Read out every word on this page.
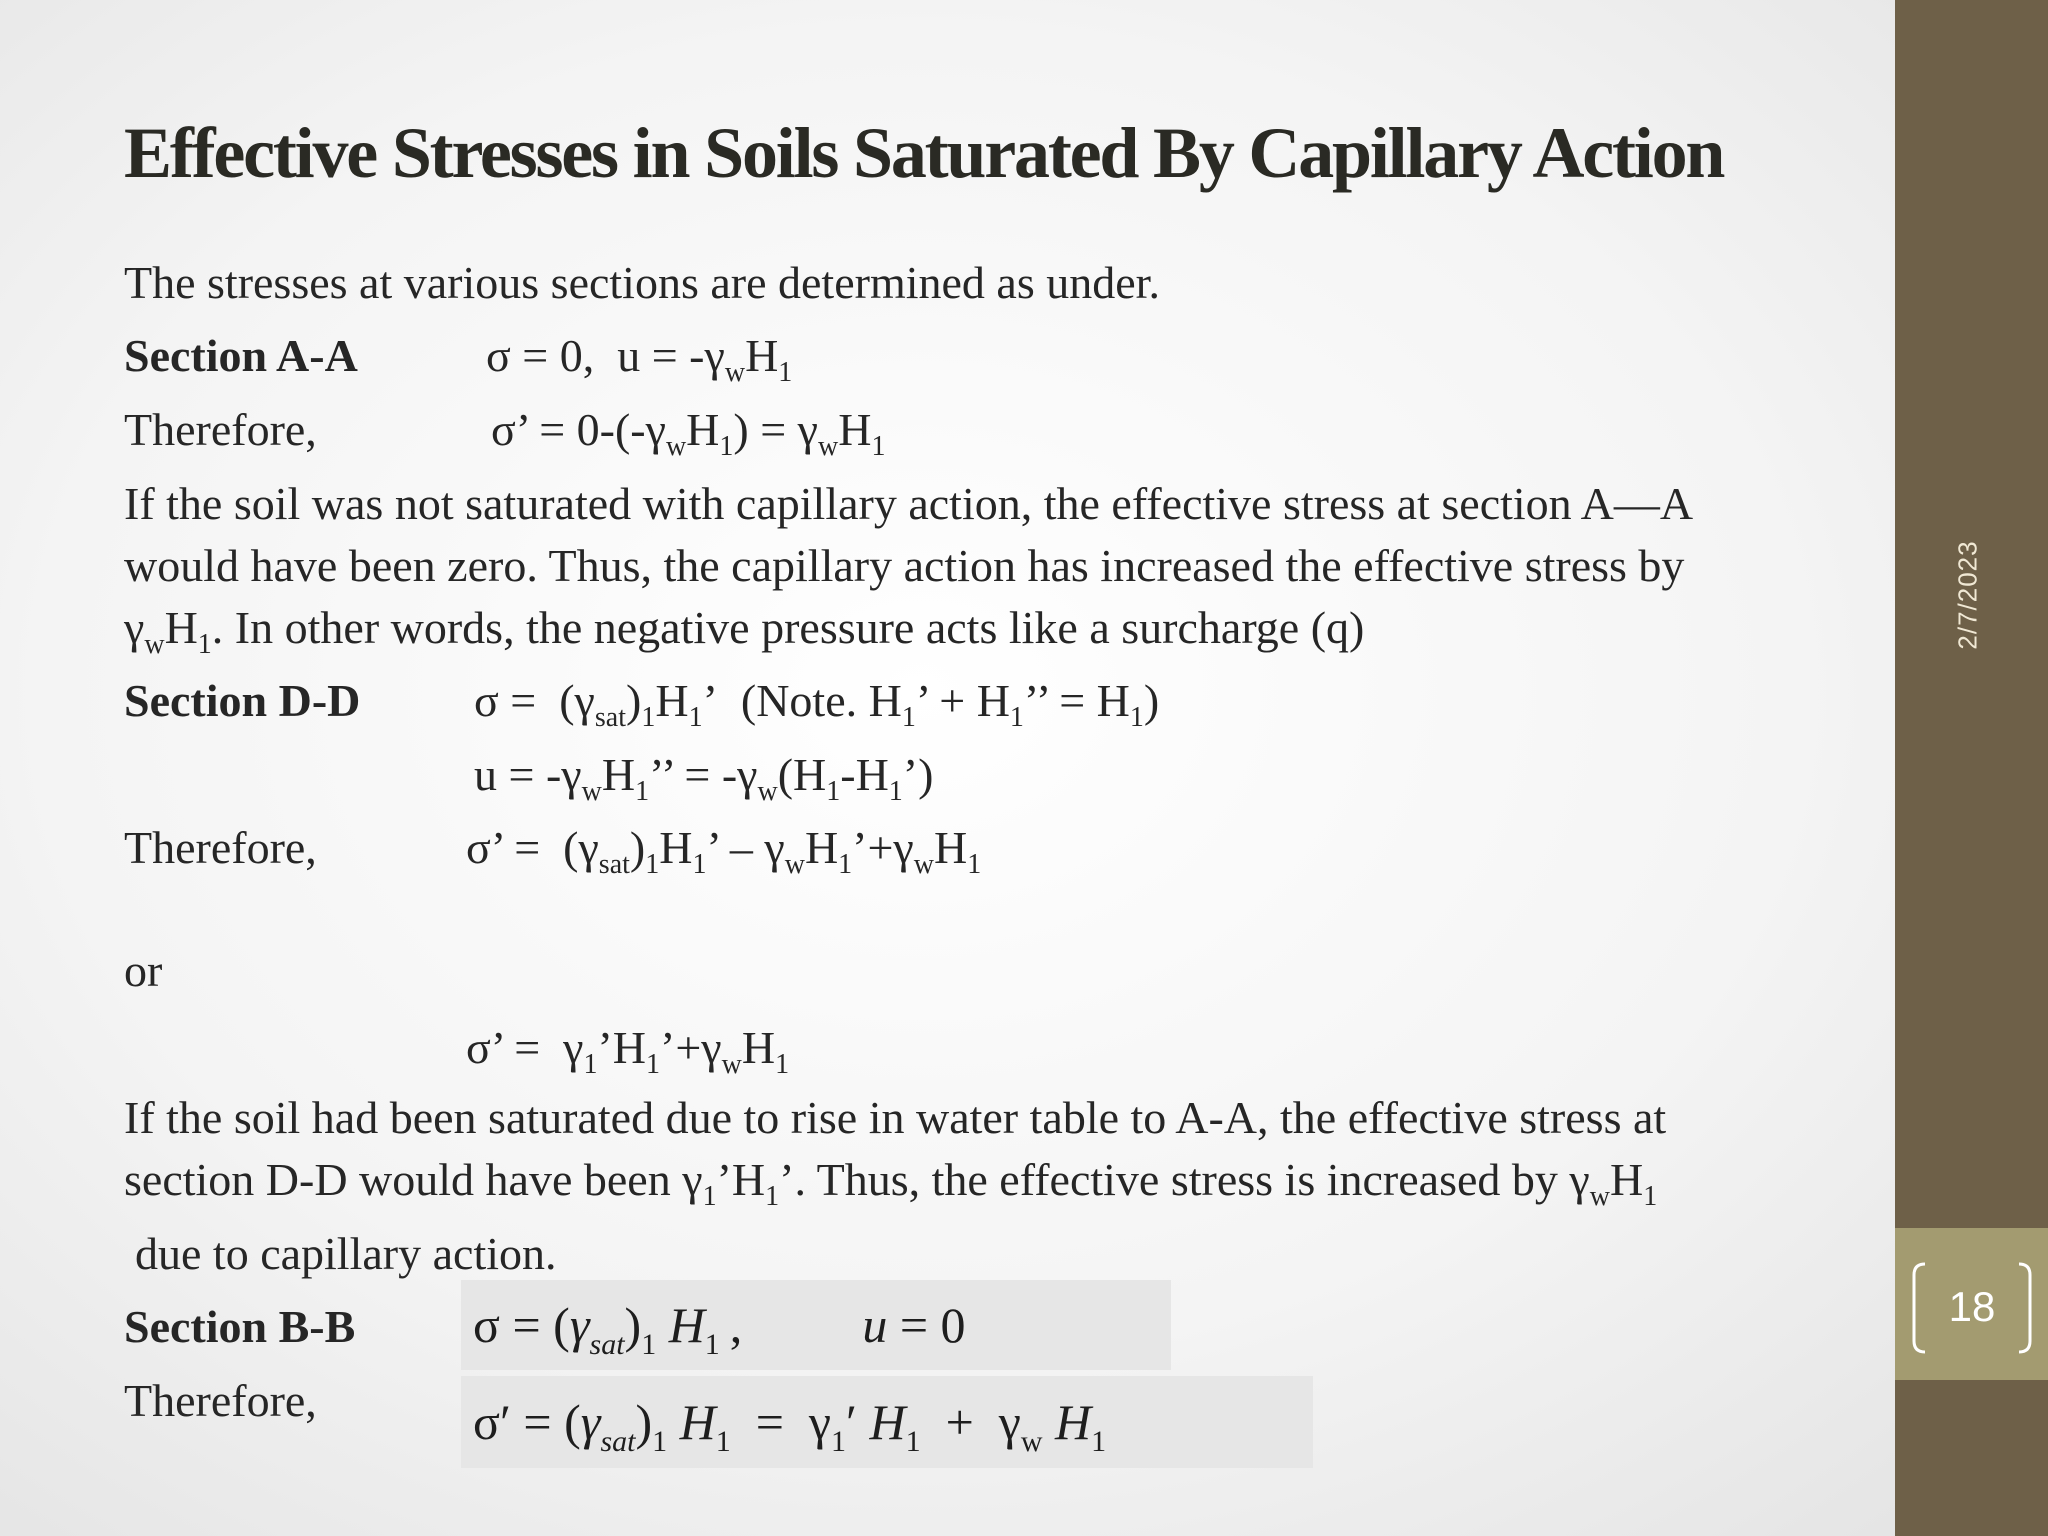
Effective Stresses in Soils Saturated By Capillary Action
The stresses at various sections are determined as under.
Section A-A	σ = 0,  $u = -\gamma_wH_1$
Therefore,	σ’ = $0-(-\gamma_wH_1) = \gamma_wH_1$
If the soil was not saturated with capillary action, the effective stress at section A—A
would have been zero. Thus, the capillary action has increased the effective stress by
$\gamma_wH_1$. In other words, the negative pressure acts like a surcharge (q)
Section D-D $\sigma = (\gamma_{sat})_1H_1$’  (Note. $H_1$’ + $H_1$’’ = $H_1$)
$u = -\gamma_wH_1$’’ = $-\gamma_w(H_1-H_1’)$
Therefore,	σ’ =  $(\gamma_{sat})_1H_1$’ – $\gamma_wH_1’+\gamma_wH_1$
or
σ’ =  $\gamma_1’H_1’+\gamma_wH_1$
If the soil had been saturated due to rise in water table to A-A, the effective stress at
section D-D would have been $\gamma_1’H_1$’. Thus, the effective stress is increased by $\gamma_wH_1$
due to capillary action.
Section B-B $\sigma = (\gamma_{sat})_1$ $H_1$ , u = 0
Therefore,	$\sigma' = (\gamma_{sat})_1$ $H_1 = \gamma_1'$ $H_1 + \gamma_w$ $H_1$
2/7/2023
18
